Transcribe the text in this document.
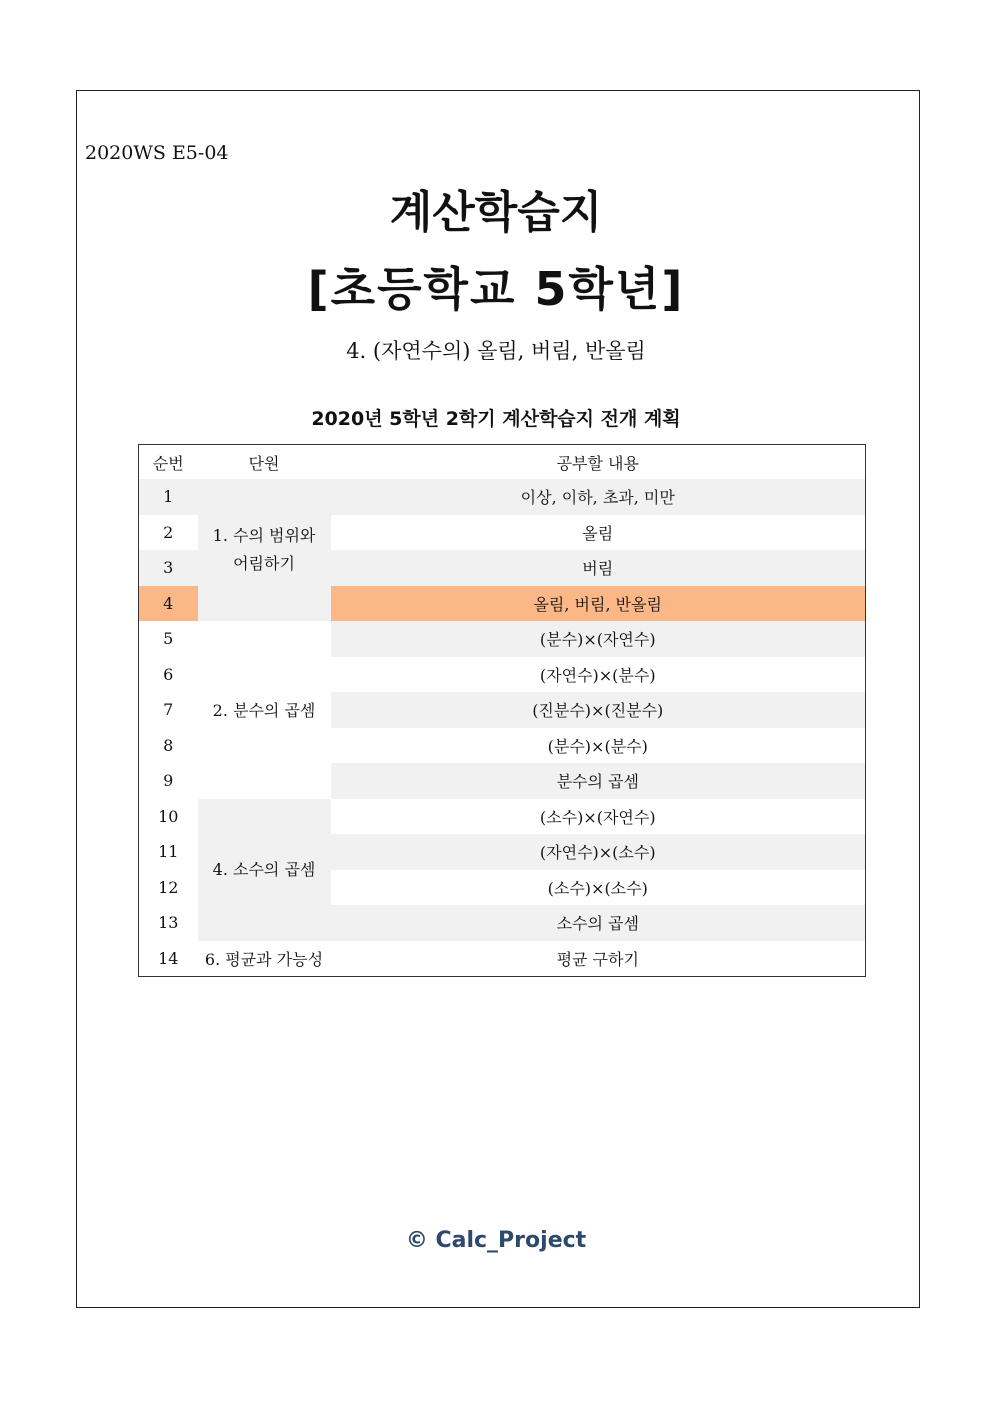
2020WS E5-04
계산학습지
[초등학교 5학년]
4. (자연수의) 올림, 버림, 반올림
2020년 5학년 2학기 계산학습지 전개 계획
순번	단원	공부할 내용
1	1. 수의 범위와 어림하기	이상, 이하, 초과, 미만
2		올림
3		버림
4		올림, 버림, 반올림
5	2. 분수의 곱셈	(분수)×(자연수)
6		(자연수)×(분수)
7		(진분수)×(진분수)
8		(분수)×(분수)
9		분수의 곱셈
10	4. 소수의 곱셈	(소수)×(자연수)
11		(자연수)×(소수)
12		(소수)×(소수)
13		소수의 곱셈
14	6. 평균과 가능성	평균 구하기
© Calc_Project
